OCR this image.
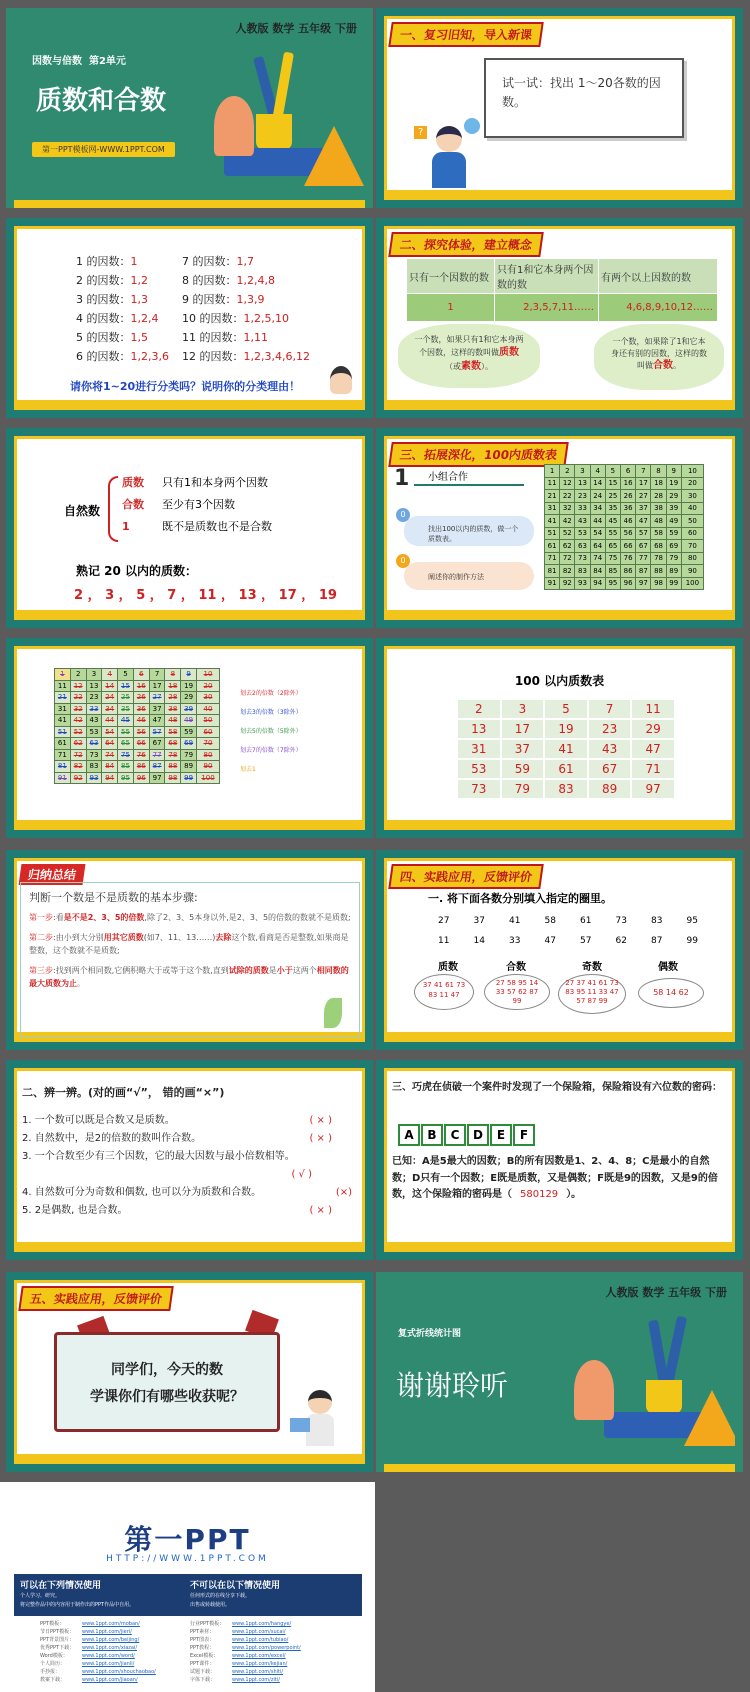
人教版 数学 五年级 下册
因数与倍数 第2单元
质数和合数
第一PPT模板网-WWW.1PPT.COM
一、复习旧知，导入新课
试一试：找出 1～20各数的因数。
?
1 的因数：1
2 的因数：1,2
3 的因数：1,3
4 的因数：1,2,4
5 的因数：1,5
6 的因数：1,2,3,6
7 的因数：1,7
8 的因数：1,2,4,8
9 的因数：1,3,9
10 的因数：1,2,5,10
11 的因数：1,11
12 的因数：1,2,3,4,6,12
请你将1~20进行分类吗？说明你的分类理由！
二、探究体验，建立概念
只有一个因数的数	只有1和它本身两个因数的数	有两个以上因数的数
1	2,3,5,7,11……	4,6,8,9,10,12……
一个数，如果只有1和它本身两个因数，这样的数叫做质数（或素数）。
一个数，如果除了1和它本身还有别的因数，这样的数叫做合数。
自然数
质数 只有1和本身两个因数
合数 至少有3个因数
1	既不是质数也不是合数
熟记 20 以内的质数：
2 ， 3 ， 5 ， 7 ， 11 ， 13 ， 17 ， 19
三、拓展深化，100内质数表
1	小组合作
0
找出100以内的质数，做一个质数表。
0
阐述你的制作方法
1	2	3	4	5	6	7	8	9	10
11	12	13	14	15	16	17	18	19	20
21	22	23	24	25	26	27	28	29	30
31	32	33	34	35	36	37	38	39	40
41	42	43	44	45	46	47	48	49	50
51	52	53	54	55	56	57	58	59	60
61	62	63	64	65	66	67	68	69	70
71	72	73	74	75	76	77	78	79	80
81	82	83	84	85	86	87	88	89	90
91	92	93	94	95	96	97	98	99	100
1	2	3	4	5	6	7	8	9	10
11	12	13	14	15	16	17	18	19	20
21	22	23	24	25	26	27	28	29	30
31	32	33	34	35	36	37	38	39	40
41	42	43	44	45	46	47	48	49	50
51	52	53	54	55	56	57	58	59	60
61	62	63	64	65	66	67	68	69	70
71	72	73	74	75	76	77	78	79	80
81	82	83	84	85	86	87	88	89	90
91	92	93	94	95	96	97	98	99	100
划去2的倍数（2除外）
划去3的倍数（3除外）
划去5的倍数（5除外）
划去7的倍数（7除外）
划去1
100 以内质数表
2	3	5	7	11
13	17	19	23	29
31	37	41	43	47
53	59	61	67	71
73	79	83	89	97
归纳总结
判断一个数是不是质数的基本步骤:
第一步:看是不是2、3、5的倍数,除了2、3、5本身以外,是2、3、5的倍数的数就不是质数;
第二步:由小到大分别用其它质数(如7、11、13……)去除这个数,看商是否是整数,如果商是整数，这个数就不是质数;
第三步:找到两个相同数,它俩积略大于或等于这个数,直到试除的质数是小于这两个相同数的最大质数为止。
四、实践应用，反馈评价
一. 将下面各数分别填入指定的圈里。
27	37	41	58	61	73	83	95
11	14	33	47	57	62	87	99
质数	合数	奇数	偶数
37 41 61 73 83 11 47
27 58 95 14 33 57 62 87 99
27 37 41 61 73 83 95 11 33 47 57 87 99
58 14 62
二、辨一辨。(对的画“√”， 错的画“×”)
1. 一个数可以既是合数又是质数。	( × )
2. 自然数中，是2的倍数的数叫作合数。	( × )
3. 一个合数至少有三个因数，它的最大因数与最小倍数相等。
( √ )
4. 自然数可分为奇数和偶数, 也可以分为质数和合数。	(×)
5. 2是偶数, 也是合数。	( × )
三、巧虎在侦破一个案件时发现了一个保险箱，保险箱设有六位数的密码：
A	B	C	D	E	F
已知：A是5最大的因数；B的所有因数是1、2、4、8；C是最小的自然数；D只有一个因数；E既是质数，又是偶数；F既是9的因数，又是9的倍数，这个保险箱的密码是（ 580129 ）。
五、实践应用，反馈评价
同学们，今天的数
学课你们有哪些收获呢？
人教版 数学 五年级 下册
复式折线统计图
谢谢聆听
第一PPT
HTTP://WWW.1PPT.COM
可以在下列情况使用
个人学习、研究。
将完整作品中的内容用于制作出的PPT作品中自用。
不可以在以下情况使用
任何形式的在线分享下载。
出售或转载使用。
PPT模板：	www.1ppt.com/moban/
节日PPT模板： www.1ppt.com/jieri/
PPT背景图片： www.1ppt.com/beijing/
优秀PPT下载： www.1ppt.com/xiazai/
Word模板：	www.1ppt.com/word/
个人简历：	www.1ppt.com/jianli/
手抄报：	www.1ppt.com/shouchaobao/
教案下载：	www.1ppt.com/jiaoan/
行业PPT模板： www.1ppt.com/hangye/
PPT素材：	www.1ppt.com/sucai/
PPT图表：	www.1ppt.com/tubiao/
PPT教程：	www.1ppt.com/powerpoint/
Excel模板：	www.1ppt.com/excel/
PPT课件：	www.1ppt.com/kejian/
试题下载：	www.1ppt.com/shiti/
字体下载：	www.1ppt.com/ziti/
